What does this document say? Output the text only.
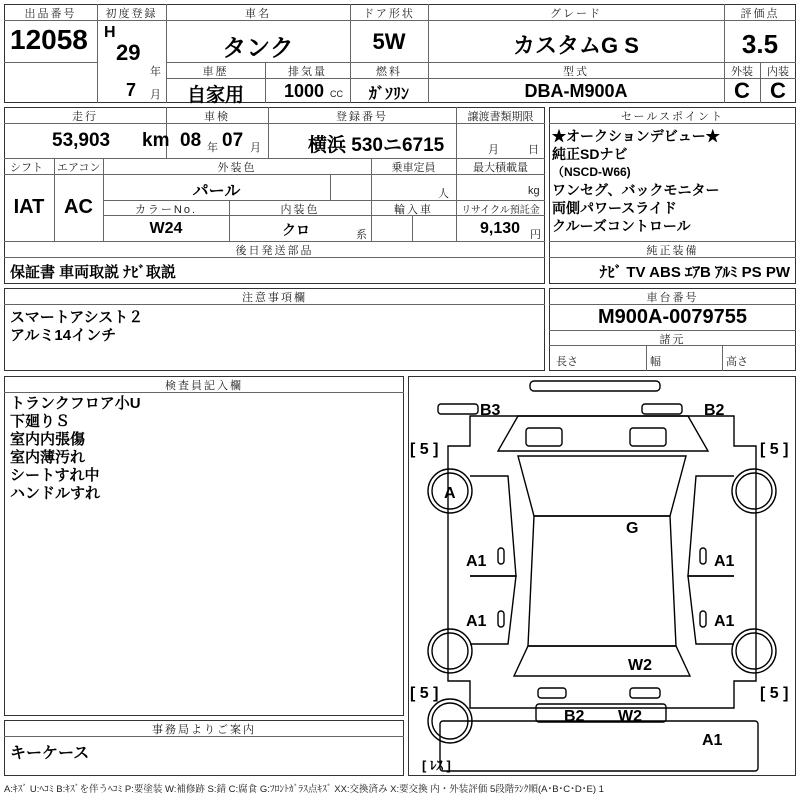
出品番号
12058
初度登録
H
29
年
7 月
車名
タンク
ドア形状
5W
グレード
カスタムG S
評価点
3.5
車歴
自家用
排気量
1000 CC
燃料
ｶﾞｿﾘﾝ
型式
DBA-M900A
外装
C
内装
C
走行
53,903 km
車検
08 年 07 月
登録番号
横浜 530ニ6715
譲渡書類期限
月	日
シフト
IAT
エアコン
AC
外装色
パール
乗車定員
人
最大積載量
kg
カラーNo.
W24
内装色
クロ	系
輸入車	リサイクル預託金
9,130 円
後日発送部品
保証書 車両取説 ﾅﾋﾞ取説
セールスポイント
★オークションデビュー★
純正SDナビ
（NSCD-W66)
ワンセグ、バックモニター
両側パワースライド
クルーズコントロール
純正装備
ﾅﾋﾞ TV ABS ｴｱB ｱﾙﾐ PS PW
注意事項欄
スマートアシスト２
アルミ14インチ
車台番号
M900A-0079755
諸元
長さ	幅	高さ
検査員記入欄
トランクフロア小U
下廻りＳ
室内内張傷
室内薄汚れ
シートすれ中
ハンドルすれ
事務局よりご案内
キーケース
B3	B2
[ 5 ]	[ 5 ]
A
G
A1	A1
A1	A1
W2
[ 5 ]	[ 5 ]
B2 W2
A1
[ ﾚｽ ]
A:ｷｽﾞ U:ﾍｺﾐ B:ｷｽﾞを伴うﾍｺﾐ P:要塗装 W:補修跡 S:錆 C:腐食 G:ﾌﾛﾝﾄｶﾞﾗｽ点ｷｽﾞ XX:交換済み X:要交換 内・外装評価 5段階ﾗﾝｸ順(A･B･C･D･E) 1
